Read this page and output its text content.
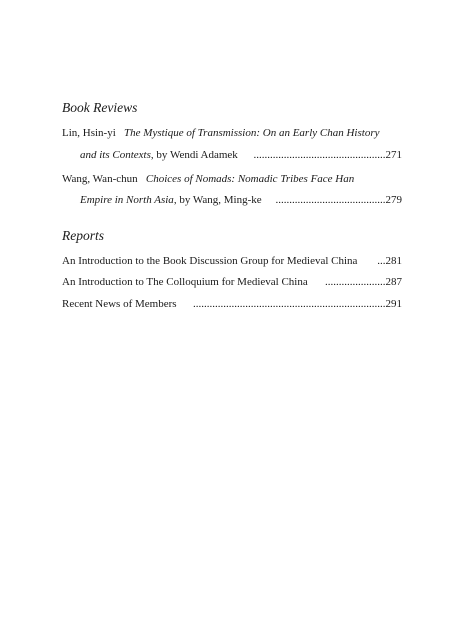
Book Reviews
Lin, Hsin-yi The Mystique of Transmission: On an Early Chan History
and its Contexts, by Wendi Adamek ................................................271
Wang, Wan-chun Choices of Nomads: Nomadic Tribes Face Han
Empire in North Asia, by Wang, Ming-ke ........................................279
Reports
An Introduction to the Book Discussion Group for Medieval China ...281
An Introduction to The Colloquium for Medieval China ......................287
Recent News of Members ......................................................................291
